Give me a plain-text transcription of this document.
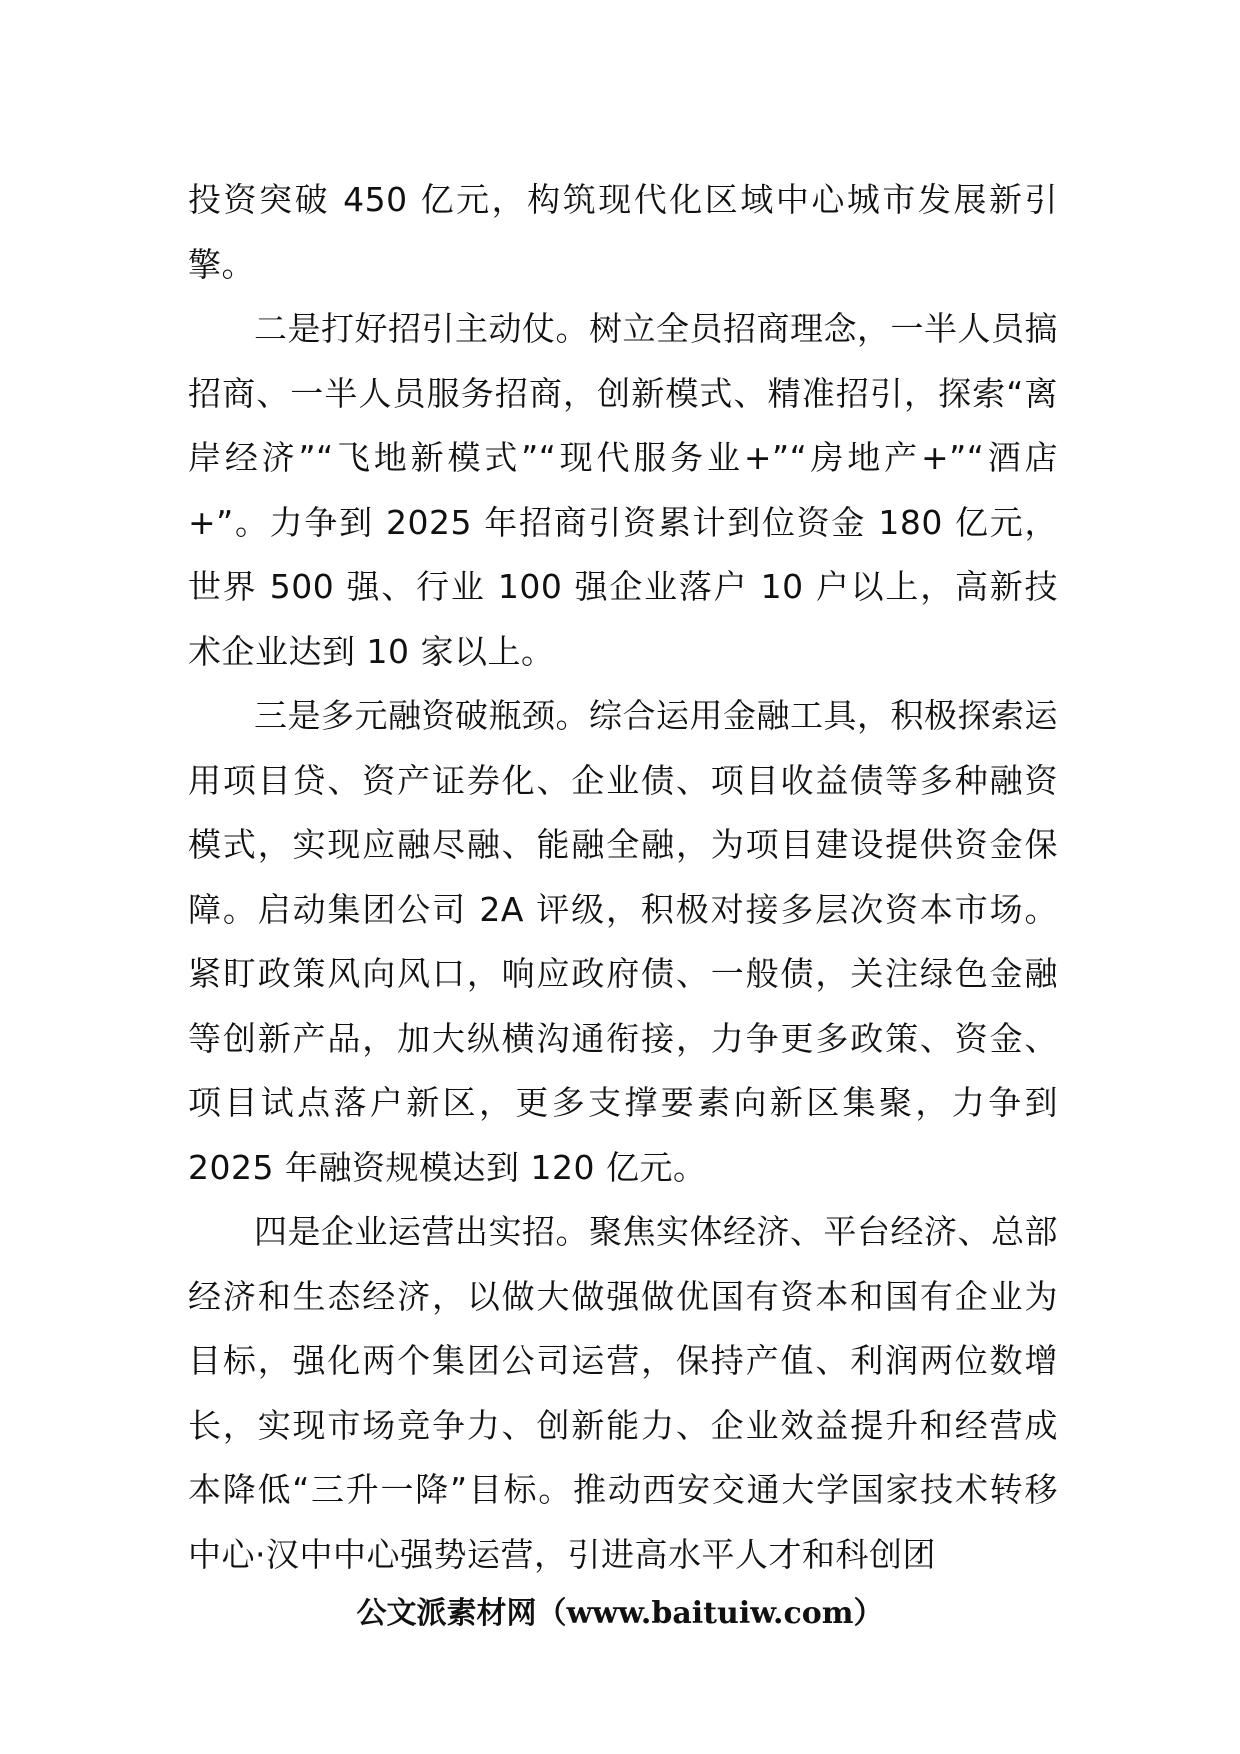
投资突破 450 亿元，构筑现代化区域中心城市发展新引擎。

二是打好招引主动仗。树立全员招商理念，一半人员搞招商、一半人员服务招商，创新模式、精准招引，探索“离岸经济”“飞地新模式”“现代服务业+”“房地产+”“酒店+”。力争到 2025 年招商引资累计到位资金 180 亿元，世界 500 强、行业 100 强企业落户 10 户以上，高新技术企业达到 10 家以上。

三是多元融资破瓶颈。综合运用金融工具，积极探索运用项目贷、资产证券化、企业债、项目收益债等多种融资模式，实现应融尽融、能融全融，为项目建设提供资金保障。启动集团公司 2A 评级，积极对接多层次资本市场。紧盯政策风向风口，响应政府债、一般债，关注绿色金融等创新产品，加大纵横沟通衔接，力争更多政策、资金、项目试点落户新区，更多支撑要素向新区集聚，力争到 2025 年融资规模达到 120 亿元。

四是企业运营出实招。聚焦实体经济、平台经济、总部经济和生态经济，以做大做强做优国有资本和国有企业为目标，强化两个集团公司运营，保持产值、利润两位数增长，实现市场竞争力、创新能力、企业效益提升和经营成本降低“三升一降”目标。推动西安交通大学国家技术转移中心·汉中中心强势运营，引进高水平人才和科创团

公文派素材网（www.baituiw.com）
